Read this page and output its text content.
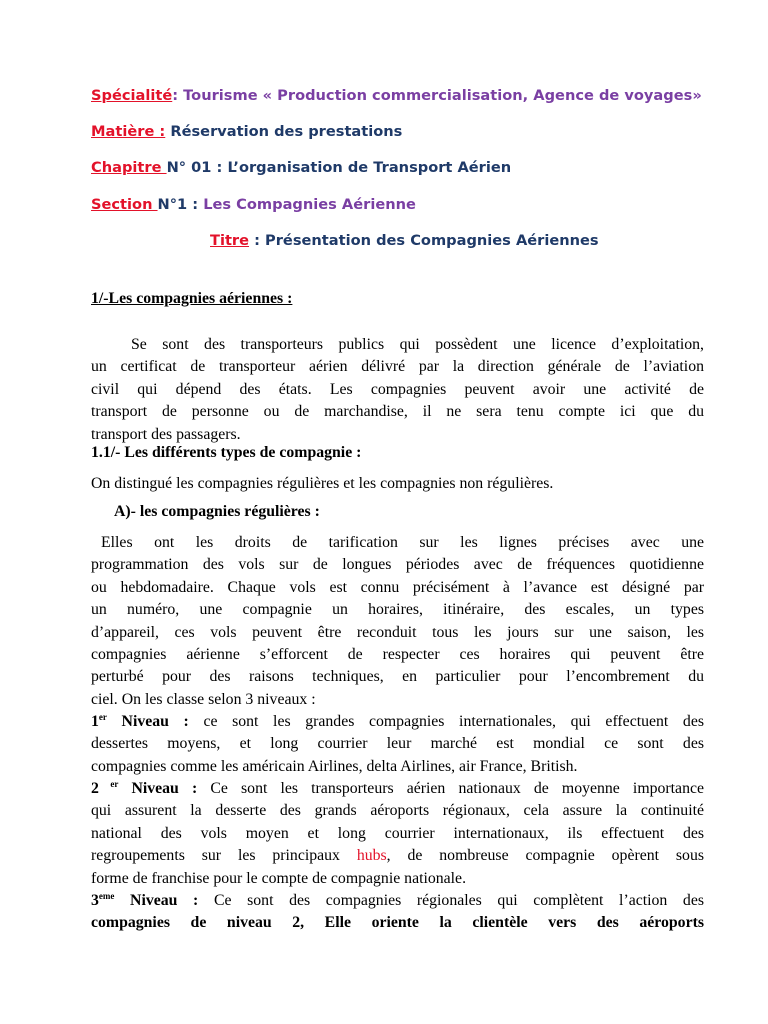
Spécialité: Tourisme « Production commercialisation, Agence de voyages»
Matière : Réservation des prestations
Chapitre N° 01 : L’organisation de Transport Aérien
Section N°1 : Les Compagnies Aérienne
Titre : Présentation des Compagnies Aériennes
1/-Les compagnies aériennes :

Se sont des transporteurs publics qui possèdent une licence d’exploitation,

un certificat de transporteur aérien délivré par la direction générale de l’aviation

civil qui dépend des états. Les compagnies peuvent avoir une activité de

transport de personne ou de marchandise, il ne sera tenu compte ici que du

transport des passagers.

1.1/- Les différents types de compagnie :
On distingué les compagnies régulières et les compagnies non régulières.
A)- les compagnies régulières :

Elles ont les droits de tarification sur les lignes précises avec une

programmation des vols sur de longues périodes avec de fréquences quotidienne

ou hebdomadaire. Chaque vols est connu précisément à l’avance est désigné par

un numéro, une compagnie un horaires, itinéraire, des escales, un types

d’appareil, ces vols peuvent être reconduit tous les jours sur une saison, les

compagnies aérienne s’efforcent de respecter ces horaires qui peuvent être

perturbé pour des raisons techniques, en particulier pour l’encombrement du

ciel. On les classe selon 3 niveaux :

1er Niveau : ce sont les grandes compagnies internationales, qui effectuent des

dessertes moyens, et long courrier leur marché est mondial ce sont des

compagnies comme les américain Airlines, delta Airlines, air France, British.

2 $^{er}$ Niveau : Ce sont les transporteurs aérien nationaux de moyenne importance

qui assurent la desserte des grands aéroports régionaux, cela assure la continuité

national des vols moyen et long courrier internationaux, ils effectuent des

regroupements sur les principaux hubs, de nombreuse compagnie opèrent sous

forme de franchise pour le compte de compagnie nationale.

3eme Niveau : Ce sont des compagnies régionales qui complètent l’action des

compagnies de niveau 2, Elle oriente la clientèle vers des aéroports
